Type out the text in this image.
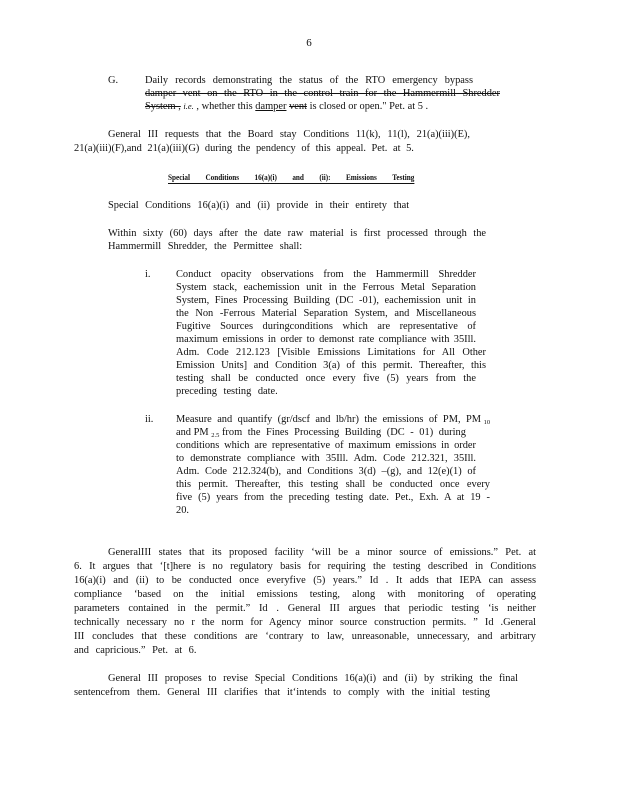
6
G.	Daily records demonstrating the status of the RTO emergency bypass
damper vent on the RTO in the control train for the Hammermill Shredder
System , i.e. , whether this damper vent is closed or open." Pet. at 5 .
General III requests that the Board stay Conditions 11(k), 11(l), 21(a)(iii)(E),
21(a)(iii)(F),and 21(a)(iii)(G) during the pendency of this appeal. Pet. at 5.
Special Conditions 16(a)(i) and (ii): Emissions Testing
Special Conditions 16(a)(i) and (ii) provide in their entirety that
Within sixty (60) days after the date raw material is first processed through the
Hammermill Shredder, the Permittee shall:
i. Conduct opacity observations from the Hammermill Shredder
System stack, eachemission unit in the Ferrous Metal Separation
System, Fines Processing Building (DC -01), eachemission unit in
the Non -Ferrous Material Separation System, and Miscellaneous
Fugitive Sources duringconditions which are representative of
maximum emissions in order to demonst rate compliance with 35Ill.
Adm. Code 212.123 [Visible Emissions Limitations for All Other
Emission Units] and Condition 3(a) of this permit. Thereafter, this
testing shall be conducted once every five (5) years from the
preceding testing date.
ii. Measure and quantify (gr/dscf and lb/hr) the emissions of PM, PM $_{10}$
and PM $_{2.5}$ from the Fines Processing Building (DC - 01) during
conditions which are representative of maximum emissions in order
to demonstrate compliance with 35Ill. Adm. Code 212.321, 35Ill.
Adm. Code 212.324(b), and Conditions 3(d) –(g), and 12(e)(1) of
this permit. Thereafter, this testing shall be conducted once every
five (5) years from the preceding testing date. Pet., Exh. A at 19 -
20.
GeneralIII states that its proposed facility ‘will be a minor source of emissions.” Pet. at
6. It argues that ‘[t]here is no regulatory basis for requiring the testing described in Conditions
16(a)(i) and (ii) to be conducted once everyfive (5) years.” Id . It adds that IEPA can assess
compliance ‘based on the initial emissions testing, along with monitoring of operating
parameters contained in the permit.” Id . General III argues that periodic testing ‘is neither
technically necessary no r the norm for Agency minor source construction permits. ” Id .General
III concludes that these conditions are ‘contrary to law, unreasonable, unnecessary, and arbitrary
and capricious.” Pet. at 6.
General III proposes to revise Special Conditions 16(a)(i) and (ii) by striking the final
sentencefrom them. General III clarifies that it‘intends to comply with the initial testing
